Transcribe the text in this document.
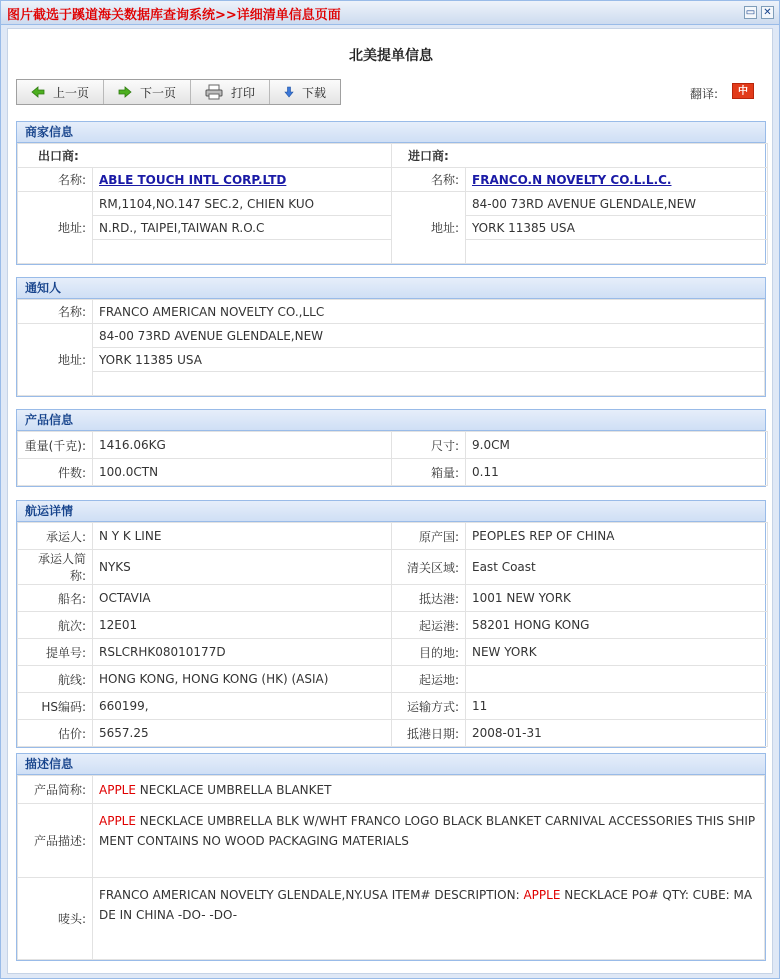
图片截选于蹊道海关数据库查询系统>>详细清单信息页面	▭ ✕
北美提单信息
上一页	下一页	打印	下载	翻译:	中
商家信息
出口商:		进口商:	
名称:	ABLE TOUCH INTL CORP.LTD	名称:	FRANCO.N NOVELTY CO.L.L.C.
地址:	RM,1104,NO.147 SEC.2, CHIEN KUO	地址:	84-00 73RD AVENUE GLENDALE,NEW
	N.RD., TAIPEI,TAIWAN R.O.C		YORK 11385 USA

通知人
名称:	FRANCO AMERICAN NOVELTY CO.,LLC
地址:	84-00 73RD AVENUE GLENDALE,NEW
	YORK 11385 USA

产品信息
重量(千克):	1416.06KG	尺寸:	9.0CM
件数:	100.0CTN	箱量:	0.11
航运详情
承运人:	N Y K LINE	原产国:	PEOPLES REP OF CHINA
承运人简称:	NYKS	清关区域:	East Coast
船名:	OCTAVIA	抵达港:	1001 NEW YORK
航次:	12E01	起运港:	58201 HONG KONG
提单号:	RSLCRHK08010177D	目的地:	NEW YORK
航线:	HONG KONG, HONG KONG (HK) (ASIA)	起运地:	
HS编码:	660199,	运输方式:	11
估价:	5657.25	抵港日期:	2008-01-31
描述信息
产品简称:	APPLE NECKLACE UMBRELLA BLANKET
产品描述:	APPLE NECKLACE UMBRELLA BLK W/WHT FRANCO LOGO BLACK BLANKET CARNIVAL ACCESSORIES THIS SHIPMENT CONTAINS NO WOOD PACKAGING MATERIALS
唛头:	FRANCO AMERICAN NOVELTY GLENDALE,NY.USA ITEM# DESCRIPTION: APPLE NECKLACE PO# QTY: CUBE: MADE IN CHINA -DO- -DO-
